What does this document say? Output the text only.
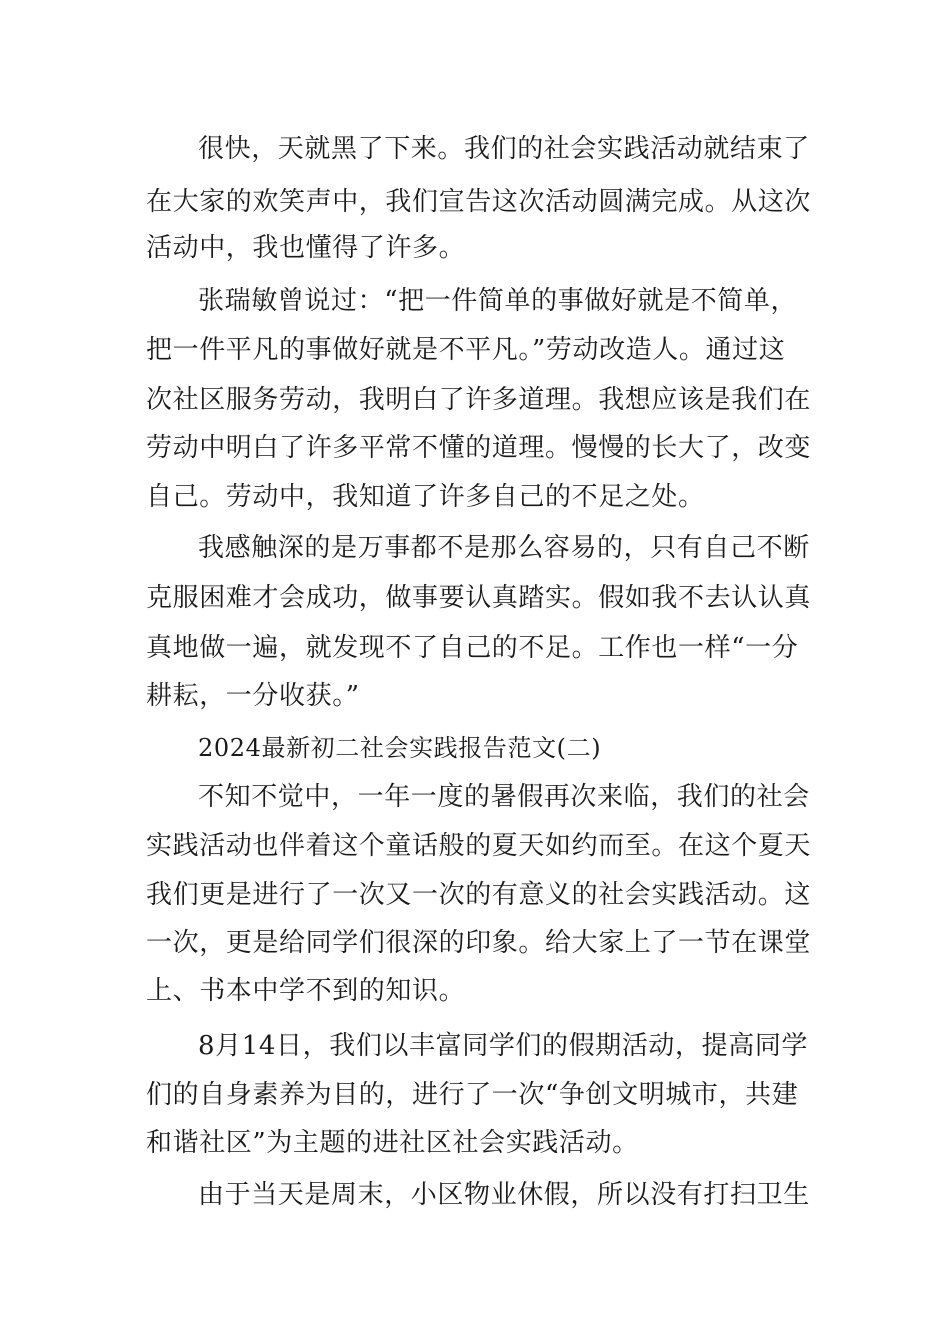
很快，天就黑了下来。我们的社会实践活动就结束了
在大家的欢笑声中，我们宣告这次活动圆满完成。从这次
活动中，我也懂得了许多。
张瑞敏曾说过：“把一件简单的事做好就是不简单，
把一件平凡的事做好就是不平凡。”劳动改造人。通过这
次社区服务劳动，我明白了许多道理。我想应该是我们在
劳动中明白了许多平常不懂的道理。慢慢的长大了，改变
自己。劳动中，我知道了许多自己的不足之处。
我感触深的是万事都不是那么容易的，只有自己不断
克服困难才会成功，做事要认真踏实。假如我不去认认真
真地做一遍，就发现不了自己的不足。工作也一样“一分
耕耘，一分收获。”
2024最新初二社会实践报告范文(二)
不知不觉中，一年一度的暑假再次来临，我们的社会
实践活动也伴着这个童话般的夏天如约而至。在这个夏天
我们更是进行了一次又一次的有意义的社会实践活动。这
一次，更是给同学们很深的印象。给大家上了一节在课堂
上、书本中学不到的知识。
8月14日，我们以丰富同学们的假期活动，提高同学
们的自身素养为目的，进行了一次“争创文明城市，共建
和谐社区”为主题的进社区社会实践活动。
由于当天是周末，小区物业休假，所以没有打扫卫生
